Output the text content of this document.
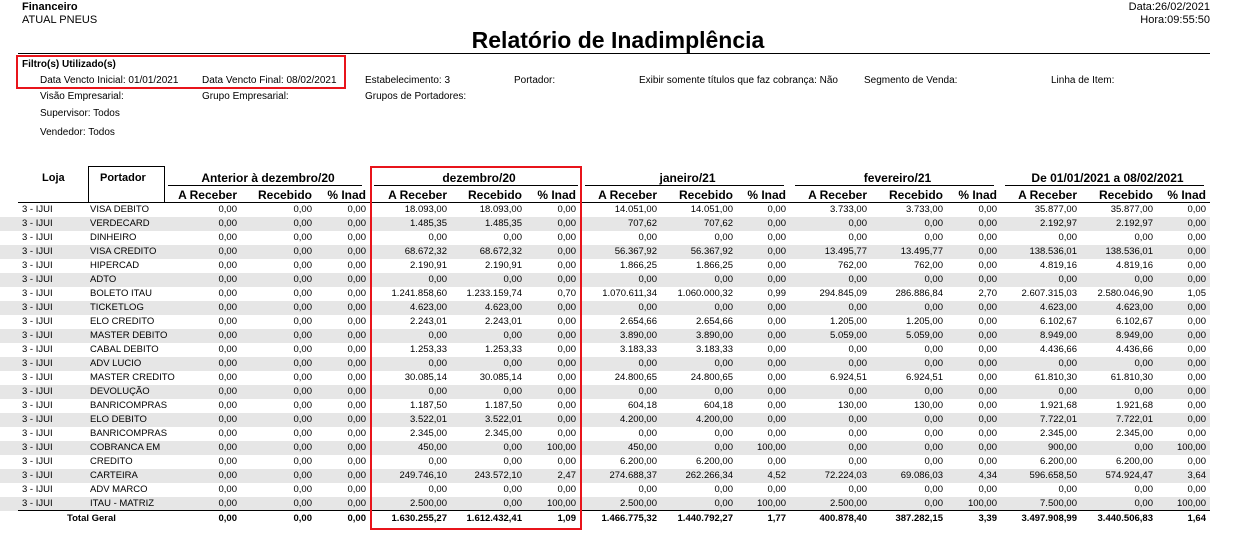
Financeiro
ATUAL PNEUS
Data:26/02/2021
Hora:09:55:50
Relatório de Inadimplência
Filtro(s) Utilizado(s)
Data Vencto Inicial: 01/01/2021 Data Vencto Final: 08/02/2021	Estabelecimento: 3	Portador:	Exibir somente títulos que faz cobrança: Não	Segmento de Venda:	Linha de Item:
Visão Empresarial:	Grupo Empresarial:	Grupos de Portadores:
Supervisor: Todos
Vendedor: Todos
Loja	Portador	Anterior à dezembro/20
A Receber	Recebido	% Inad
dezembro/20
A Receber	Recebido	% Inad
janeiro/21
A Receber	Recebido	% Inad
fevereiro/21
A Receber	Recebido	% Inad
De 01/01/2021 a 08/02/2021
A Receber	Recebido	% Inad
3 - IJUI	VISA DEBITO	0,00	0,00	0,00	18.093,00	18.093,00	0,00	14.051,00	14.051,00	0,00	3.733,00	3.733,00	0,00	35.877,00	35.877,00	0,00
3 - IJUI	VERDECARD	0,00	0,00	0,00	1.485,35	1.485,35	0,00	707,62	707,62	0,00	0,00	0,00	0,00	2.192,97	2.192,97	0,00
3 - IJUI	DINHEIRO	0,00	0,00	0,00	0,00	0,00	0,00	0,00	0,00	0,00	0,00	0,00	0,00	0,00	0,00	0,00
3 - IJUI	VISA CREDITO	0,00	0,00	0,00	68.672,32	68.672,32	0,00	56.367,92	56.367,92	0,00	13.495,77	13.495,77	0,00	138.536,01	138.536,01	0,00
3 - IJUI	HIPERCAD	0,00	0,00	0,00	2.190,91	2.190,91	0,00	1.866,25	1.866,25	0,00	762,00	762,00	0,00	4.819,16	4.819,16	0,00
3 - IJUI	ADTO	0,00	0,00	0,00	0,00	0,00	0,00	0,00	0,00	0,00	0,00	0,00	0,00	0,00	0,00	0,00
3 - IJUI	BOLETO ITAU	0,00	0,00	0,00	1.241.858,60	1.233.159,74	0,70	1.070.611,34	1.060.000,32	0,99	294.845,09	286.886,84	2,70	2.607.315,03	2.580.046,90	1,05
3 - IJUI	TICKETLOG	0,00	0,00	0,00	4.623,00	4.623,00	0,00	0,00	0,00	0,00	0,00	0,00	0,00	4.623,00	4.623,00	0,00
3 - IJUI	ELO CREDITO	0,00	0,00	0,00	2.243,01	2.243,01	0,00	2.654,66	2.654,66	0,00	1.205,00	1.205,00	0,00	6.102,67	6.102,67	0,00
3 - IJUI	MASTER DEBITO	0,00	0,00	0,00	0,00	0,00	0,00	3.890,00	3.890,00	0,00	5.059,00	5.059,00	0,00	8.949,00	8.949,00	0,00
3 - IJUI	CABAL DEBITO	0,00	0,00	0,00	1.253,33	1.253,33	0,00	3.183,33	3.183,33	0,00	0,00	0,00	0,00	4.436,66	4.436,66	0,00
3 - IJUI	ADV LUCIO	0,00	0,00	0,00	0,00	0,00	0,00	0,00	0,00	0,00	0,00	0,00	0,00	0,00	0,00	0,00
3 - IJUI	MASTER CREDITO	0,00	0,00	0,00	30.085,14	30.085,14	0,00	24.800,65	24.800,65	0,00	6.924,51	6.924,51	0,00	61.810,30	61.810,30	0,00
3 - IJUI	DEVOLUÇÃO	0,00	0,00	0,00	0,00	0,00	0,00	0,00	0,00	0,00	0,00	0,00	0,00	0,00	0,00	0,00
3 - IJUI	BANRICOMPRAS	0,00	0,00	0,00	1.187,50	1.187,50	0,00	604,18	604,18	0,00	130,00	130,00	0,00	1.921,68	1.921,68	0,00
3 - IJUI	ELO DEBITO	0,00	0,00	0,00	3.522,01	3.522,01	0,00	4.200,00	4.200,00	0,00	0,00	0,00	0,00	7.722,01	7.722,01	0,00
3 - IJUI	BANRICOMPRAS	0,00	0,00	0,00	2.345,00	2.345,00	0,00	0,00	0,00	0,00	0,00	0,00	0,00	2.345,00	2.345,00	0,00
3 - IJUI	COBRANCA EM	0,00	0,00	0,00	450,00	0,00	100,00	450,00	0,00	100,00	0,00	0,00	0,00	900,00	0,00	100,00
3 - IJUI	CREDITO	0,00	0,00	0,00	0,00	0,00	0,00	6.200,00	6.200,00	0,00	0,00	0,00	0,00	6.200,00	6.200,00	0,00
3 - IJUI	CARTEIRA	0,00	0,00	0,00	249.746,10	243.572,10	2,47	274.688,37	262.266,34	4,52	72.224,03	69.086,03	4,34	596.658,50	574.924,47	3,64
3 - IJUI	ADV MARCO	0,00	0,00	0,00	0,00	0,00	0,00	0,00	0,00	0,00	0,00	0,00	0,00	0,00	0,00	0,00
3 - IJUI	ITAU - MATRIZ	0,00	0,00	0,00	2.500,00	0,00	100,00	2.500,00	0,00	100,00	2.500,00	0,00	100,00	7.500,00	0,00	100,00
Total Geral	0,00	0,00	0,00	1.630.255,27	1.612.432,41	1,09	1.466.775,32	1.440.792,27	1,77	400.878,40	387.282,15	3,39	3.497.908,99	3.440.506,83	1,64
